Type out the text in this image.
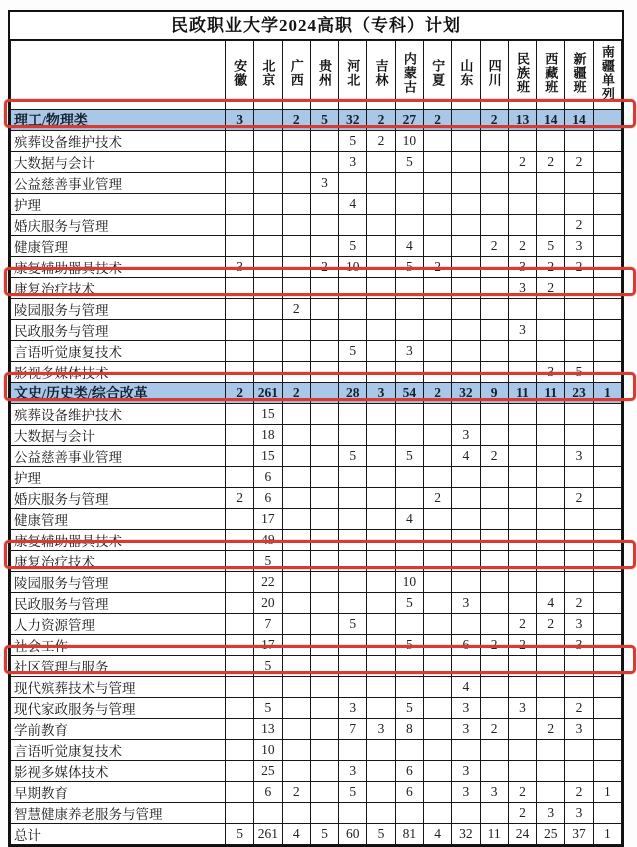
民政职业大学2024高职（专科）计划
	安徽	北京	广西	贵州	河北	吉林	内蒙古	宁夏	山东	四川	民族班	西藏班	新疆班	南疆单列
理工/物理类	3		2	5	32	2	27	2		2	13	14	14	
殡葬设备维护技术					5	2	10							
大数据与会计					3		5				2	2	2	
公益慈善事业管理				3										
护理					4									
婚庆服务与管理													2	
健康管理					5		4			2	2	5	3	
康复辅助器具技术	3			2	10		5	2			3	2	2	
康复治疗技术											3	2		
陵园服务与管理			2											
民政服务与管理											3			
言语听觉康复技术					5		3							
影视多媒体技术												3	5	
文史/历史类/综合改革	2	261	2		28	3	54	2	32	9	11	11	23	1
殡葬设备维护技术		15												
大数据与会计		18							3					
公益慈善事业管理		15			5		5		4	2			3	
护理		6												
婚庆服务与管理	2	6						2					2	
健康管理		17					4							
康复辅助器具技术		49												
康复治疗技术		5												
陵园服务与管理		22					10							
民政服务与管理		20					5		3			4	2	
人力资源管理		7			5						2	2	3	
社会工作		17					5		6	2	2		3	
社区管理与服务		5												
现代殡葬技术与管理									4					
现代家政服务与管理		5			3		5		3		3		2	
学前教育		13			7	3	8		3	2		2	3	
言语听觉康复技术		10												
影视多媒体技术		25			3		6		3					
早期教育		6	2		5		6		3	3	2		2	1
智慧健康养老服务与管理											2	3	3	
总计	5	261	4	5	60	5	81	4	32	11	24	25	37	1
